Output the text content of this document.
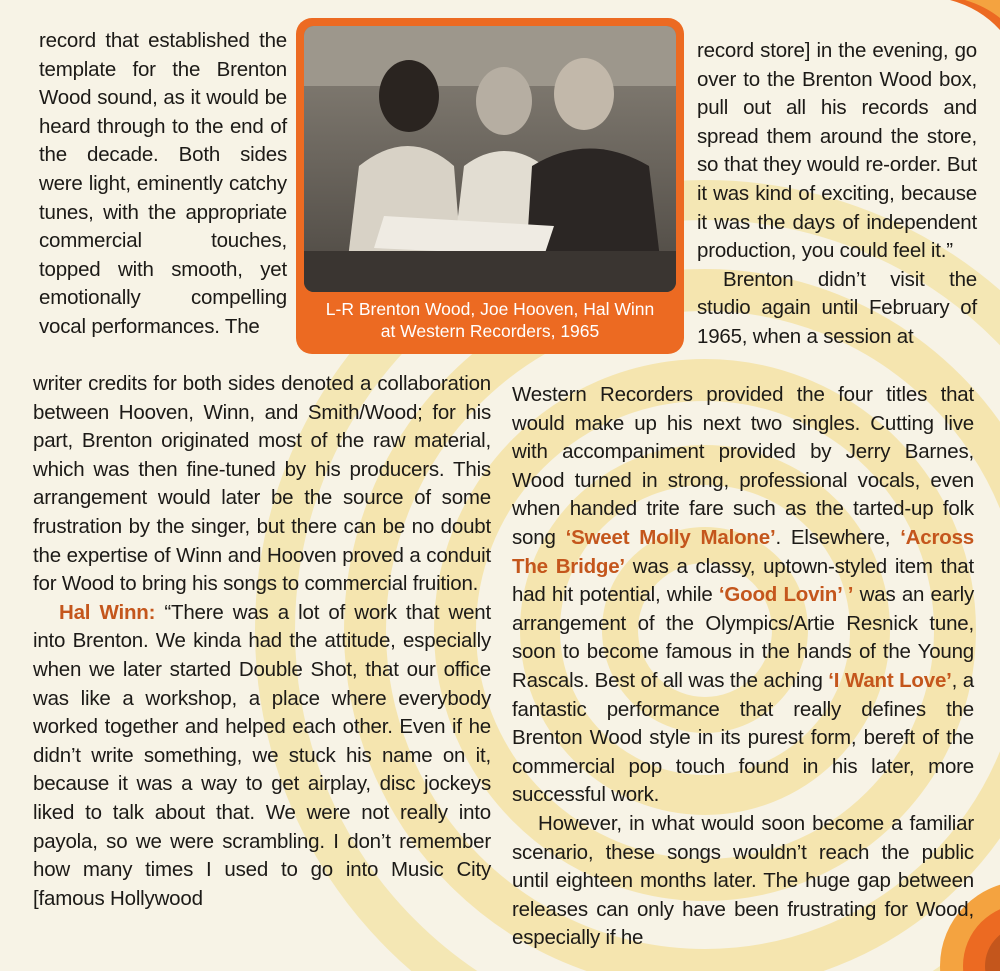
L-R Brenton Wood, Joe Hooven, Hal Winn
at Western Recorders, 1965

record that established the template for the Brenton Wood sound, as it would be heard through to the end of the decade. Both sides were light, eminently catchy tunes, with the appropriate commercial touches, topped with smooth, yet emotionally compelling vocal performances. The

writer credits for both sides denoted a collaboration between Hooven, Winn, and Smith/Wood; for his part, Brenton originated most of the raw material, which was then fine-tuned by his producers. This arrangement would later be the source of some frustration by the singer, but there can be no doubt the expertise of Winn and Hooven proved a conduit for Wood to bring his songs to commercial fruition.

Hal Winn: “There was a lot of work that went into Brenton. We kinda had the attitude, especially when we later started Double Shot, that our office was like a workshop, a place where everybody worked together and helped each other. Even if he didn’t write something, we stuck his name on it, because it was a way to get airplay, disc jockeys liked to talk about that. We were not really into payola, so we were scrambling. I don’t remember how many times I used to go into Music City [famous Hollywood

record store] in the evening, go over to the Brenton Wood box, pull out all his records and spread them around the store, so that they would re-order. But it was kind of exciting, because it was the days of independent production, you could feel it.”

Brenton didn’t visit the studio again until February of 1965, when a session at

Western Recorders provided the four titles that would make up his next two singles. Cutting live with accompaniment provided by Jerry Barnes, Wood turned in strong, professional vocals, even when handed trite fare such as the tarted-up folk song ‘Sweet Molly Malone’. Elsewhere, ‘Across The Bridge’ was a classy, uptown-styled item that had hit potential, while ‘Good Lovin’ ’ was an early arrangement of the Olympics/Artie Resnick tune, soon to become famous in the hands of the Young Rascals. Best of all was the aching ‘I Want Love’, a fantastic performance that really defines the Brenton Wood style in its purest form, bereft of the commercial pop touch found in his later, more successful work.

However, in what would soon become a familiar scenario, these songs wouldn’t reach the public until eighteen months later. The huge gap between releases can only have been frustrating for Wood, especially if he
